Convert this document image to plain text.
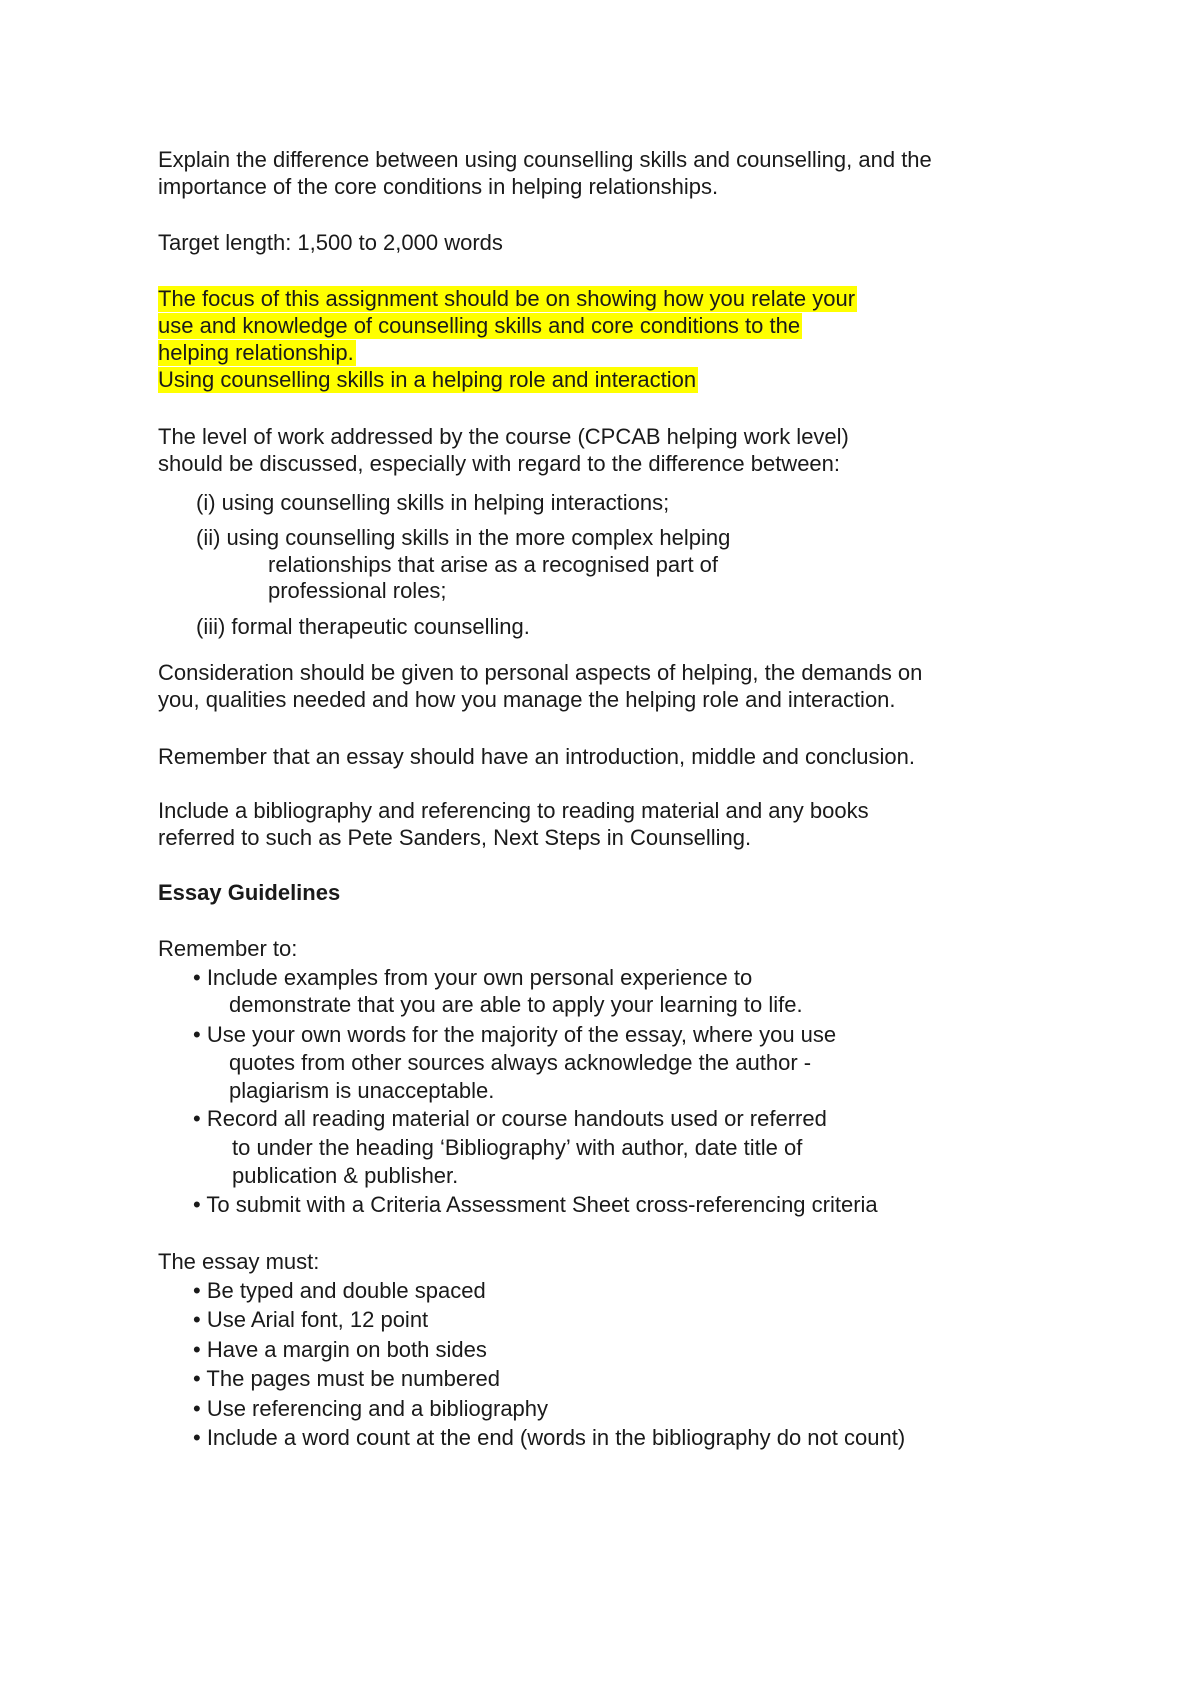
Explain the difference between using counselling skills and counselling, and the

importance of the core conditions in helping relationships.

Target length: 1,500 to 2,000 words

The focus of this assignment should be on showing how you relate your

use and knowledge of counselling skills and core conditions to the

helping relationship.

Using counselling skills in a helping role and interaction

The level of work addressed by the course (CPCAB helping work level)

should be discussed, especially with regard to the difference between:

(i) using counselling skills in helping interactions;

(ii) using counselling skills in the more complex helping

relationships that arise as a recognised part of

professional roles;

(iii) formal therapeutic counselling.

Consideration should be given to personal aspects of helping, the demands on

you, qualities needed and how you manage the helping role and interaction.

Remember that an essay should have an introduction, middle and conclusion.

Include a bibliography and referencing to reading material and any books

referred to such as Pete Sanders, Next Steps in Counselling.

Essay Guidelines

Remember to:

• Include examples from your own personal experience to

demonstrate that you are able to apply your learning to life.

• Use your own words for the majority of the essay, where you use

quotes from other sources always acknowledge the author -

plagiarism is unacceptable.

• Record all reading material or course handouts used or referred

to under the heading ‘Bibliography’ with author, date title of

publication & publisher.

• To submit with a Criteria Assessment Sheet cross-referencing criteria

The essay must:

• Be typed and double spaced

• Use Arial font, 12 point

• Have a margin on both sides

• The pages must be numbered

• Use referencing and a bibliography

• Include a word count at the end (words in the bibliography do not count)
